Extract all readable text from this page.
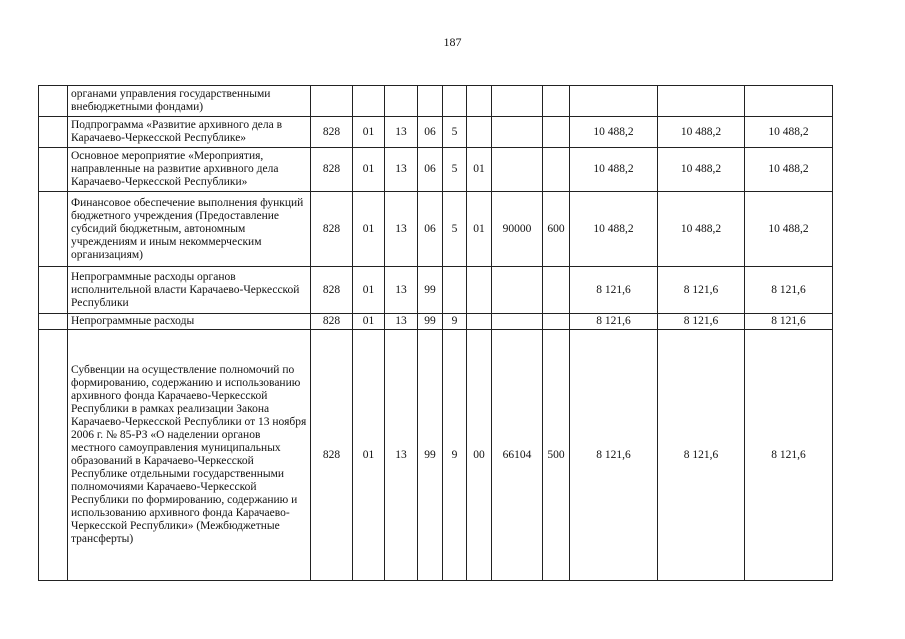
187
	органами управления государственными внебюджетными фондами)											
	Подпрограмма «Развитие архивного дела в Карачаево-Черкесской Республике»	828	01	13	06	5				10 488,2	10 488,2	10 488,2
	Основное мероприятие «Мероприятия, направленные на развитие архивного дела Карачаево-Черкесской Республики»	828	01	13	06	5	01			10 488,2	10 488,2	10 488,2
	Финансовое обеспечение выполнения функций бюджетного учреждения (Предоставление субсидий бюджетным, автономным учреждениям и иным некоммерческим организациям)	828	01	13	06	5	01	90000	600	10 488,2	10 488,2	10 488,2
	Непрограммные расходы органов исполнительной власти Карачаево-Черкесской Республики	828	01	13	99					8 121,6	8 121,6	8 121,6
	Непрограммные расходы	828	01	13	99	9				8 121,6	8 121,6	8 121,6
	Субвенции на осуществление полномочий по формированию, содержанию и использованию архивного фонда Карачаево-Черкесской Республики в рамках реализации Закона Карачаево-Черкесской Республики от 13 ноября 2006 г. № 85-РЗ «О наделении органов местного самоуправления муниципальных образований в Карачаево-Черкесской Республике отдельными государственными полномочиями Карачаево-Черкесской Республики по формированию, содержанию и использованию архивного фонда Карачаево-Черкесской Республики» (Межбюджетные трансферты)	828	01	13	99	9	00	66104	500	8 121,6	8 121,6	8 121,6
